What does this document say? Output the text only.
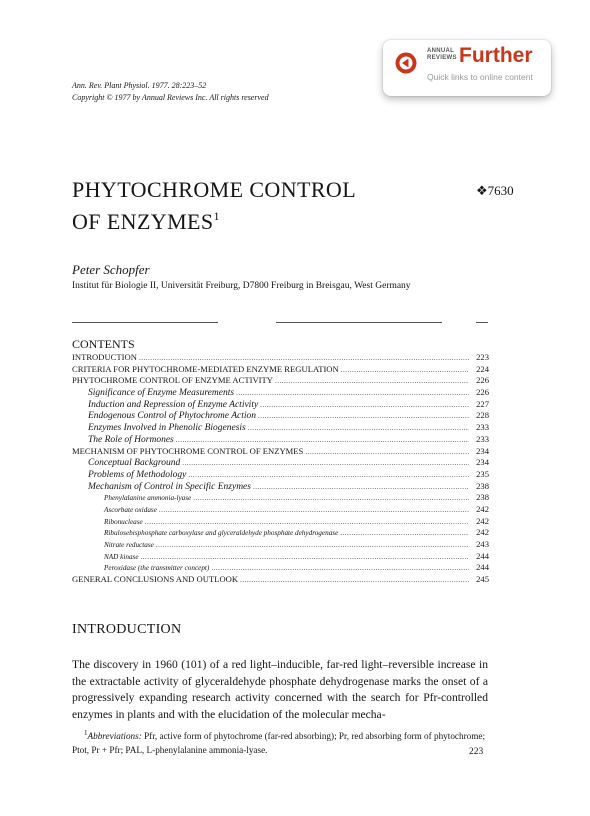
Ann. Rev. Plant Physiol. 1977. 28:223–52
Copyright © 1977 by Annual Reviews Inc. All rights reserved
ANNUAL
REVIEWS Further
Quick links to online content
PHYTOCHROME CONTROL
OF ENZYMES$^1$
❖7630
Peter Schopfer
Institut für Biologie II, Universität Freiburg, D7800 Freiburg in Breisgau, West Germany
CONTENTS
INTRODUCTION .....	223
CRITERIA FOR PHYTOCHROME-MEDIATED ENZYME REGULATION .....	224
PHYTOCHROME CONTROL OF ENZYME ACTIVITY .....	226
Significance of Enzyme Measurements .....	226
Induction and Repression of Enzyme Activity .....	227
Endogenous Control of Phytochrome Action .....	228
Enzymes Involved in Phenolic Biogenesis .....	233
The Role of Hormones .....	233
MECHANISM OF PHYTOCHROME CONTROL OF ENZYMES .....	234
Conceptual Background .....	234
Problems of Methodology .....	235
Mechanism of Control in Specific Enzymes .....	238
Phenylalanine ammonia-lyase .....	238
Ascorbate oxidase .....	242
Ribonuclease .....	242
Ribulosebisphosphate carboxylase and glyceraldehyde phosphate dehydrogenase .....	242
Nitrate reductase .....	243
NAD kinase .....	244
Peroxidase (the transmitter concept) .....	244
GENERAL CONCLUSIONS AND OUTLOOK .....	245
INTRODUCTION
The discovery in 1960 (101) of a red light–inducible, far-red light–reversible increase in the extractable activity of glyceraldehyde phosphate dehydrogenase marks the onset of a progressively expanding research activity concerned with the search for Pfr-controlled enzymes in plants and with the elucidation of the molecular mecha-
$^1$Abbreviations: Pfr, active form of phytochrome (far-red absorbing); Pr, red absorbing form of phytochrome; Ptot, Pr + Pfr; PAL, L-phenylalanine ammonia-lyase.	223
